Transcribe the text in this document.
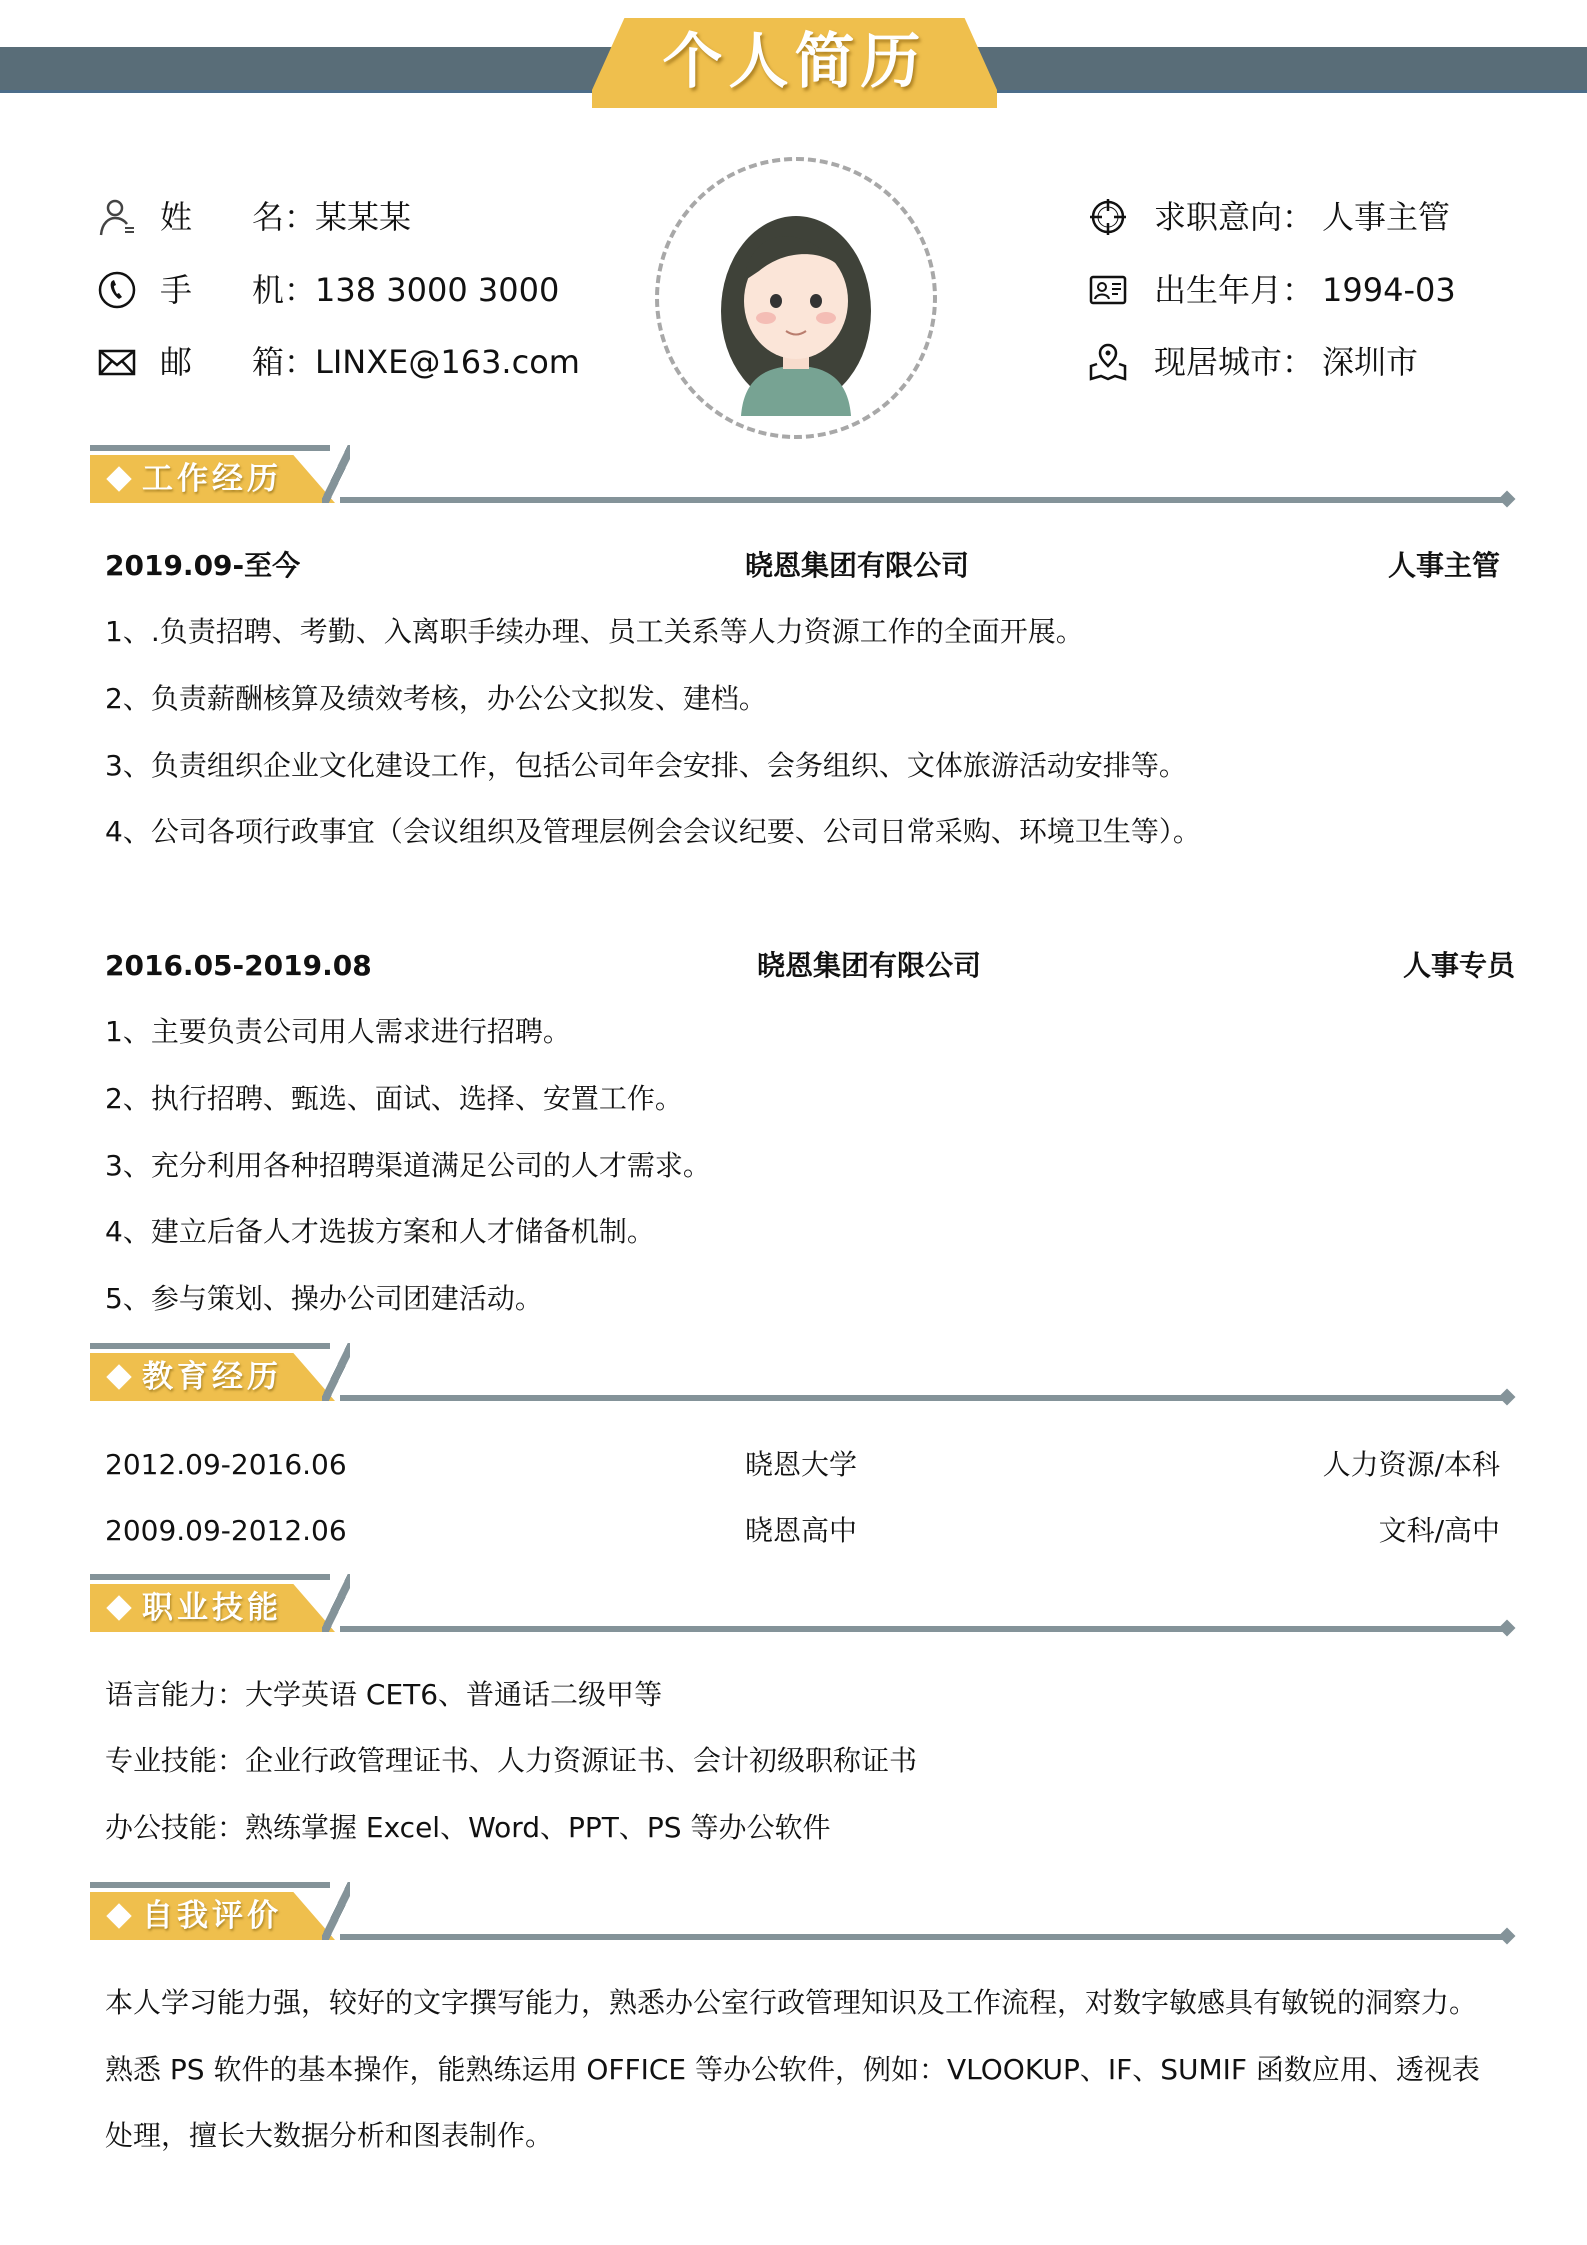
个人简历
姓 名：
某某某
手 机：
138 3000 3000
邮 箱：
LINXE@163.com
求职意向： 人事主管
出生年月： 1994-03
现居城市： 深圳市
工作经历
2019.09-至今	晓恩集团有限公司	人事主管
1、.负责招聘、考勤、入离职手续办理、员工关系等人力资源工作的全面开展。
2、负责薪酬核算及绩效考核，办公公文拟发、建档。
3、负责组织企业文化建设工作，包括公司年会安排、会务组织、文体旅游活动安排等。
4、公司各项行政事宜（会议组织及管理层例会会议纪要、公司日常采购、环境卫生等）。
2016.05-2019.08	晓恩集团有限公司	人事专员
1、主要负责公司用人需求进行招聘。
2、执行招聘、甄选、面试、选择、安置工作。
3、充分利用各种招聘渠道满足公司的人才需求。
4、建立后备人才选拔方案和人才储备机制。
5、参与策划、操办公司团建活动。
教育经历
2012.09-2016.06	晓恩大学	人力资源/本科
2009.09-2012.06	晓恩高中	文科/高中
职业技能
语言能力：大学英语 CET6、普通话二级甲等
专业技能：企业行政管理证书、人力资源证书、会计初级职称证书
办公技能：熟练掌握 Excel、Word、PPT、PS 等办公软件
自我评价
本人学习能力强，较好的文字撰写能力，熟悉办公室行政管理知识及工作流程，对数字敏感具有敏锐的洞察力。
熟悉 PS 软件的基本操作，能熟练运用 OFFICE 等办公软件，例如：VLOOKUP、IF、SUMIF 函数应用、透视表
处理，擅长大数据分析和图表制作。
